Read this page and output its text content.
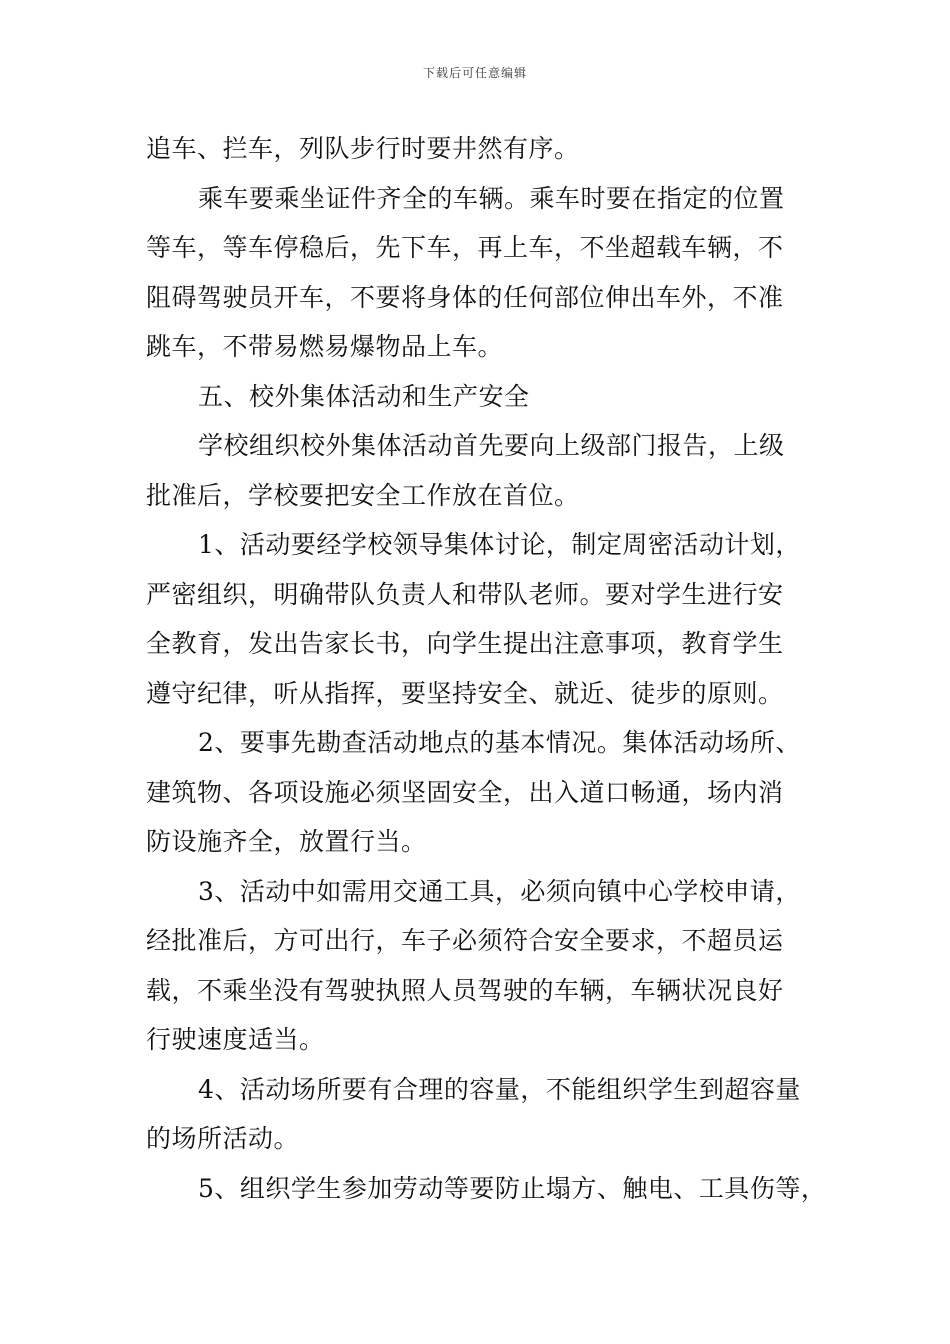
下载后可任意编辑
追车、拦车，列队步行时要井然有序。
乘车要乘坐证件齐全的车辆。乘车时要在指定的位置
等车，等车停稳后，先下车，再上车，不坐超载车辆，不
阻碍驾驶员开车，不要将身体的任何部位伸出车外，不准
跳车，不带易燃易爆物品上车。
五、校外集体活动和生产安全
学校组织校外集体活动首先要向上级部门报告，上级
批准后，学校要把安全工作放在首位。
1、活动要经学校领导集体讨论，制定周密活动计划，
严密组织，明确带队负责人和带队老师。要对学生进行安
全教育，发出告家长书，向学生提出注意事项，教育学生
遵守纪律，听从指挥，要坚持安全、就近、徒步的原则。
2、要事先勘查活动地点的基本情况。集体活动场所、
建筑物、各项设施必须坚固安全，出入道口畅通，场内消
防设施齐全，放置行当。
3、活动中如需用交通工具，必须向镇中心学校申请，
经批准后，方可出行，车子必须符合安全要求，不超员运
载，不乘坐没有驾驶执照人员驾驶的车辆，车辆状况良好
行驶速度适当。
4、活动场所要有合理的容量，不能组织学生到超容量
的场所活动。
5、组织学生参加劳动等要防止塌方、触电、工具伤等，
